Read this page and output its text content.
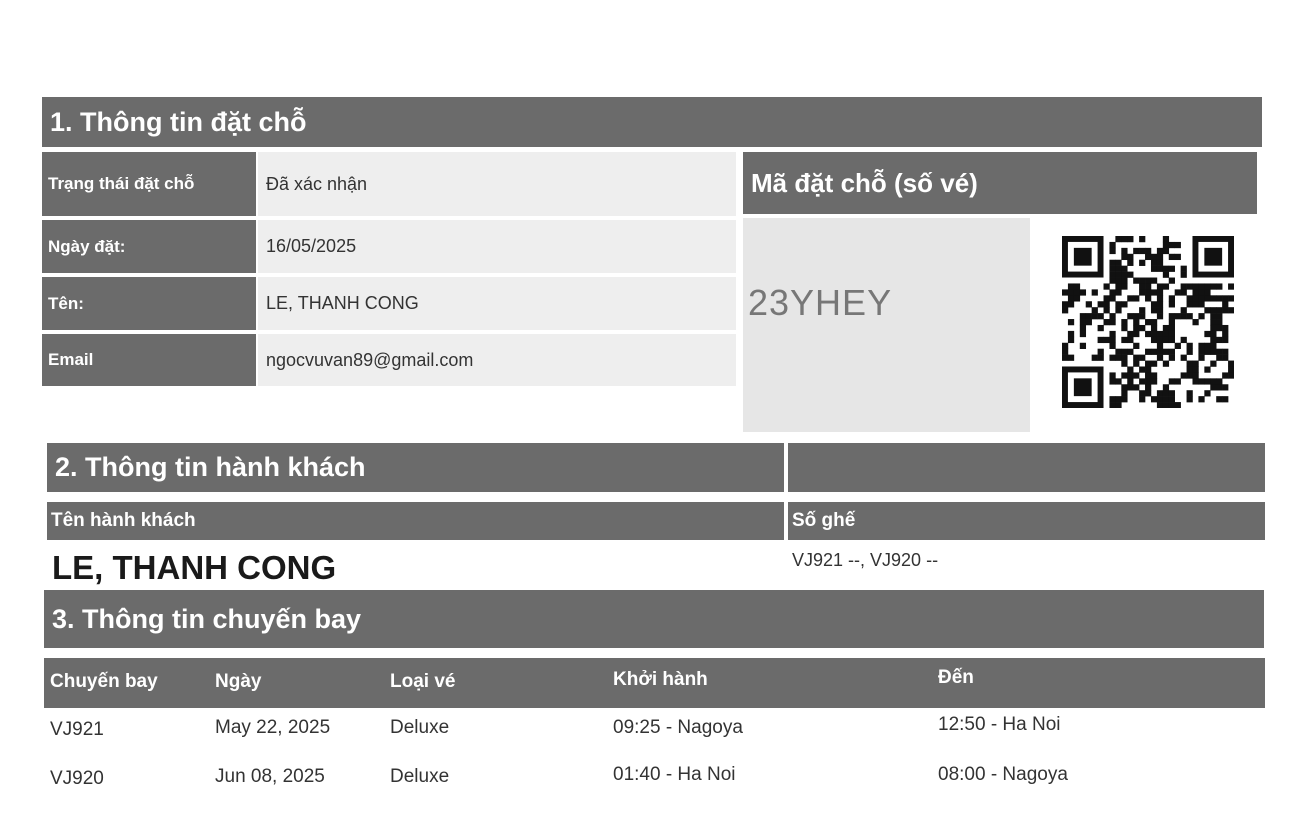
1. Thông tin đặt chỗ
Trạng thái đặt chỗ	Đã xác nhận
Ngày đặt:	16/05/2025
Tên:	LE, THANH CONG
Email	ngocvuvan89@gmail.com
Mã đặt chỗ (số vé)
23YHEY
2. Thông tin hành khách
Tên hành khách	Số ghế
LE, THANH CONG	VJ921 --, VJ920 --
3. Thông tin chuyến bay
Chuyến bay	Ngày	Loại vé	Khởi hành	Đến
VJ921	May 22, 2025	Deluxe	09:25 - Nagoya	12:50 - Ha Noi
VJ920	Jun 08, 2025	Deluxe	01:40 - Ha Noi	08:00 - Nagoya
